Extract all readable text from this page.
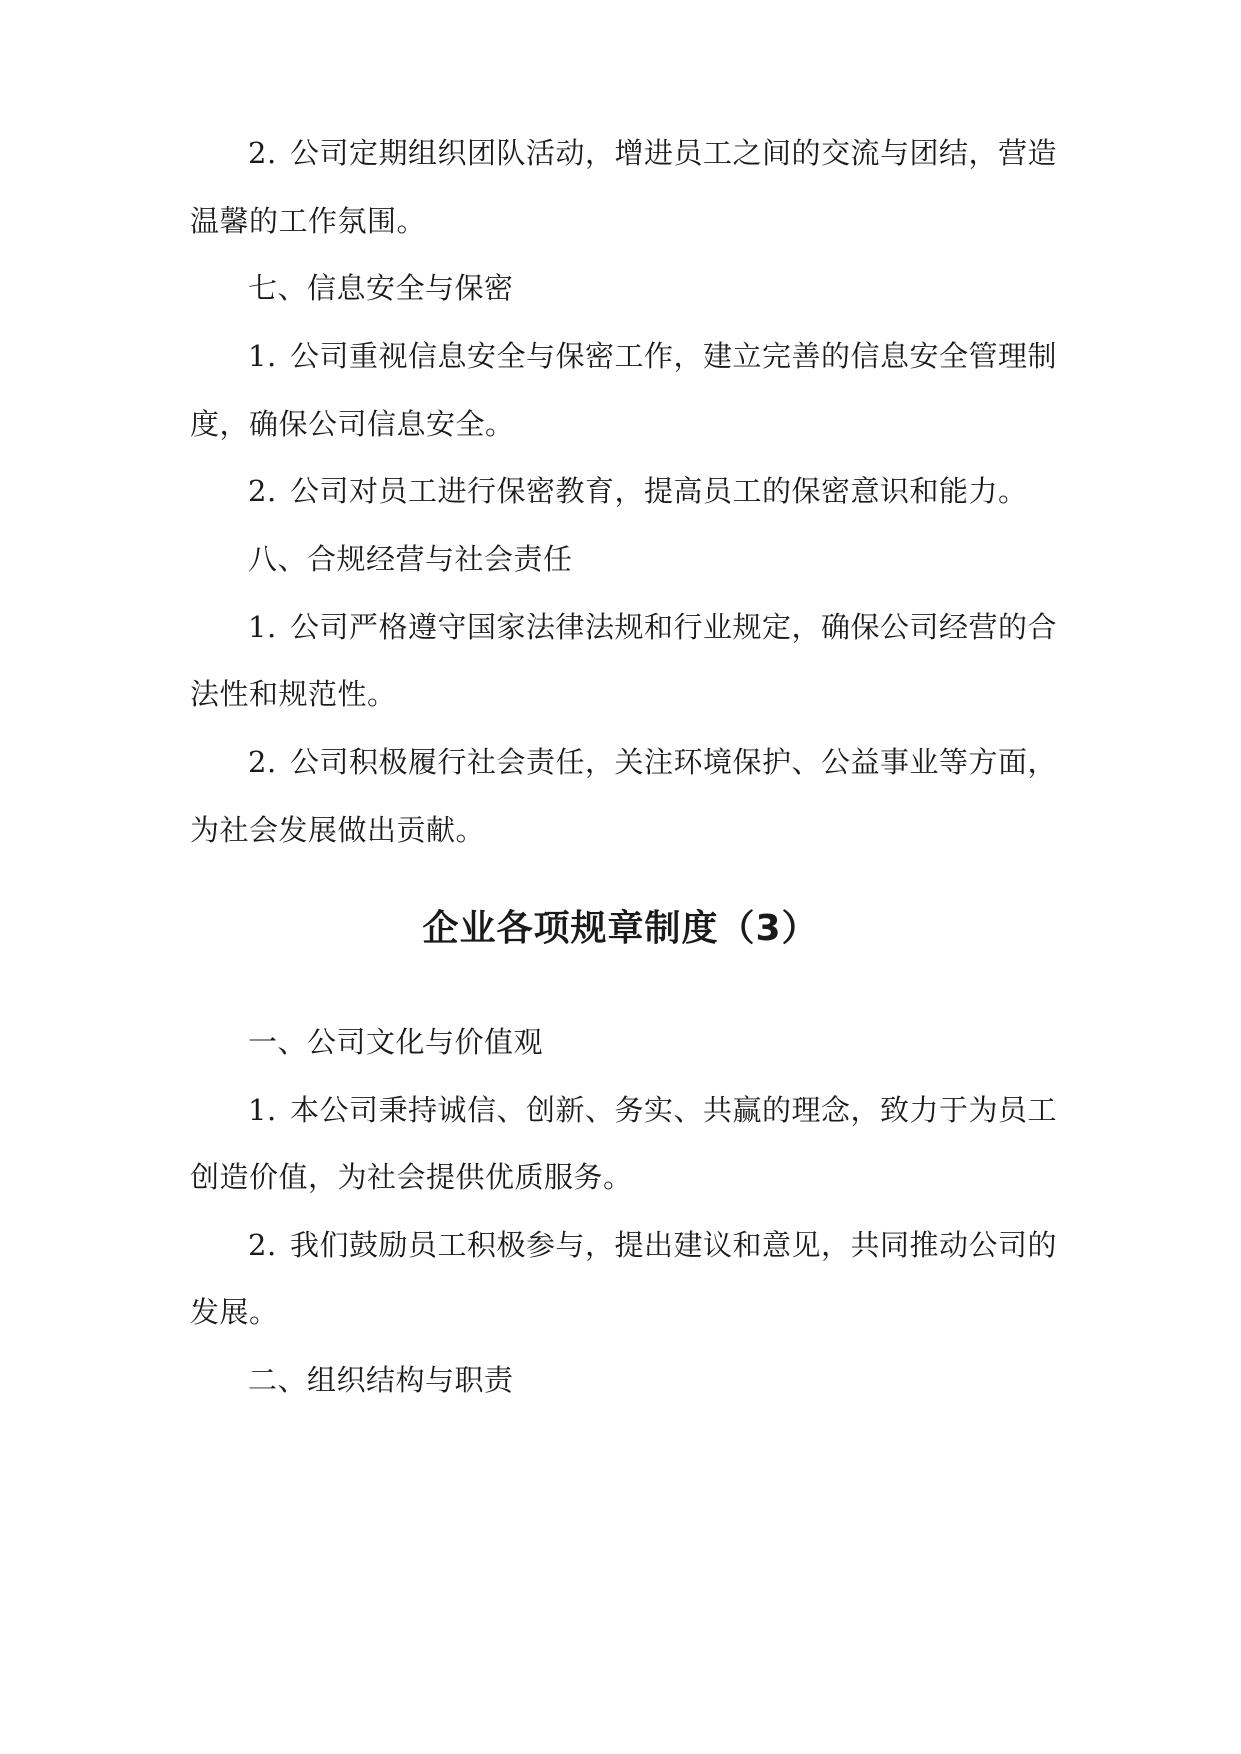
2. 公司定期组织团队活动，增进员工之间的交流与团结，营造
温馨的工作氛围。
七、信息安全与保密
1. 公司重视信息安全与保密工作，建立完善的信息安全管理制
度，确保公司信息安全。
2. 公司对员工进行保密教育，提高员工的保密意识和能力。
八、合规经营与社会责任
1. 公司严格遵守国家法律法规和行业规定，确保公司经营的合
法性和规范性。
2. 公司积极履行社会责任，关注环境保护、公益事业等方面，
为社会发展做出贡献。
企业各项规章制度（3）
一、公司文化与价值观
1. 本公司秉持诚信、创新、务实、共赢的理念，致力于为员工
创造价值，为社会提供优质服务。
2. 我们鼓励员工积极参与，提出建议和意见，共同推动公司的
发展。
二、组织结构与职责
